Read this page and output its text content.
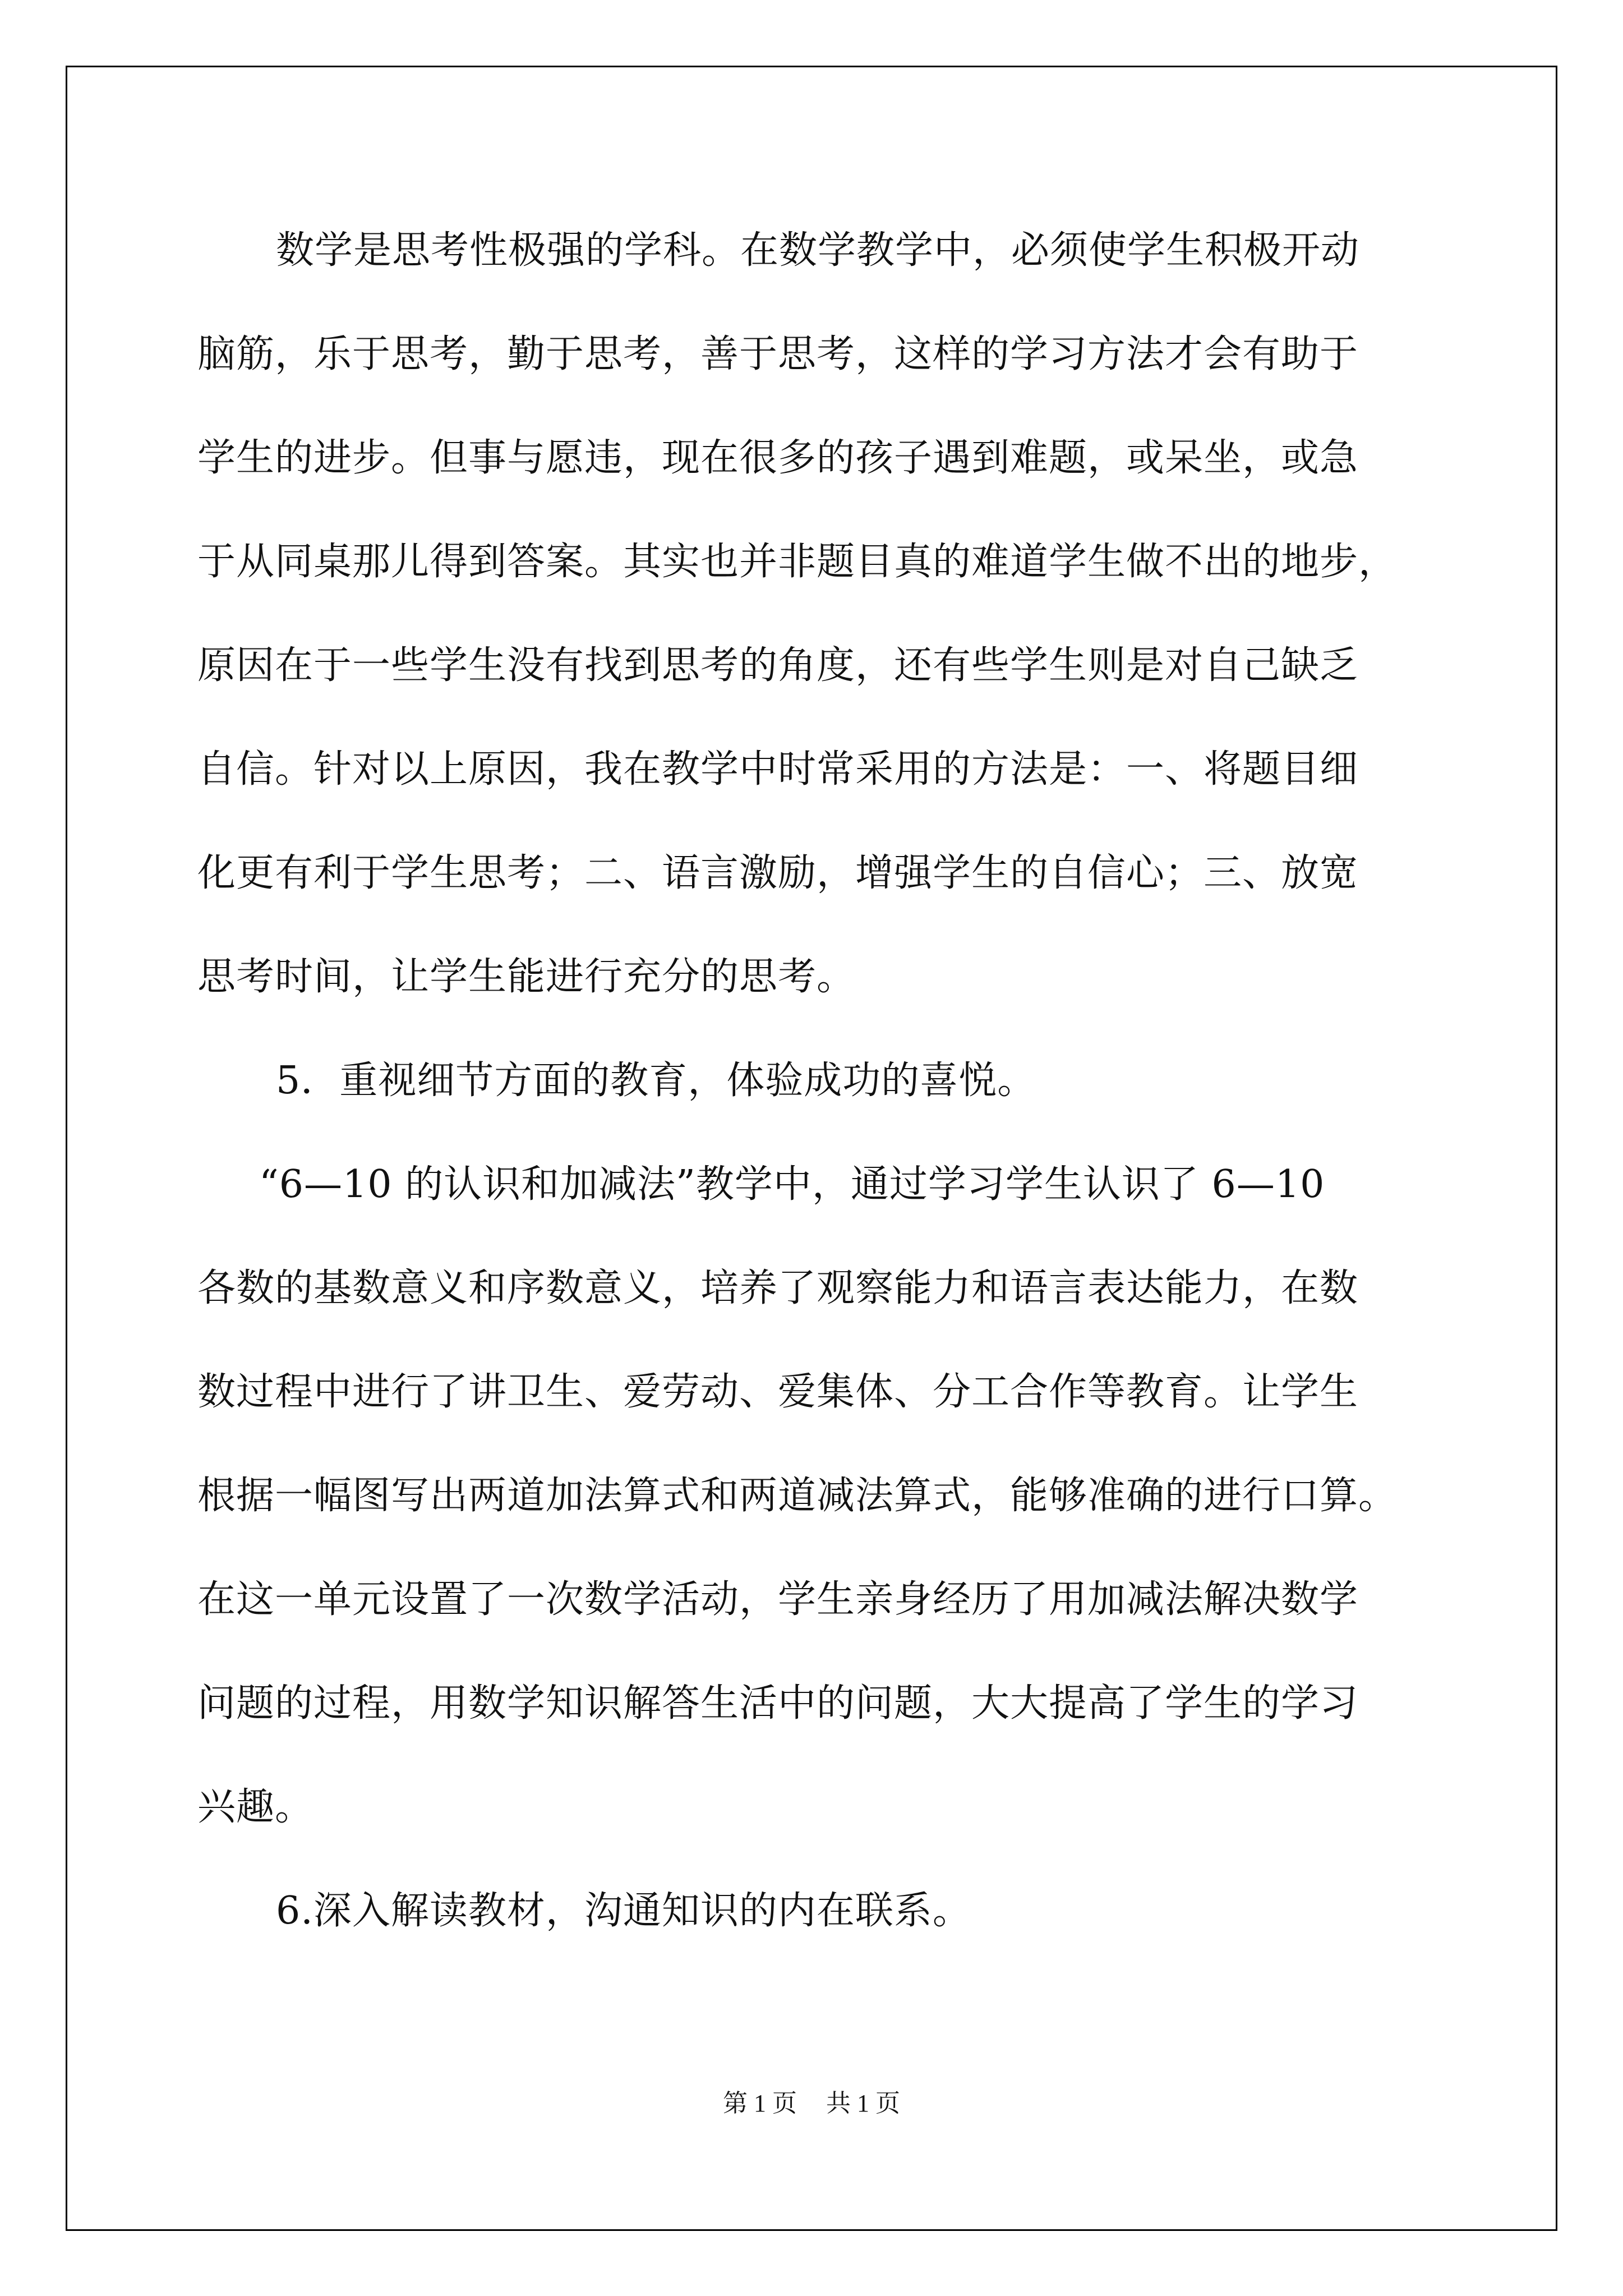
数学是思考性极强的学科。在数学教学中，必须使学生积极开动
脑筋，乐于思考，勤于思考，善于思考，这样的学习方法才会有助于
学生的进步。但事与愿违，现在很多的孩子遇到难题，或呆坐，或急
于从同桌那儿得到答案。其实也并非题目真的难道学生做不出的地步，
原因在于一些学生没有找到思考的角度，还有些学生则是对自己缺乏
自信。针对以上原因，我在教学中时常采用的方法是：一、将题目细
化更有利于学生思考；二、语言激励，增强学生的自信心；三、放宽
思考时间，让学生能进行充分的思考。
5．重视细节方面的教育，体验成功的喜悦。
“6—10 的认识和加减法”教学中，通过学习学生认识了 6—10
各数的基数意义和序数意义，培养了观察能力和语言表达能力，在数
数过程中进行了讲卫生、爱劳动、爱集体、分工合作等教育。让学生
根据一幅图写出两道加法算式和两道减法算式，能够准确的进行口算。
在这一单元设置了一次数学活动，学生亲身经历了用加减法解决数学
问题的过程，用数学知识解答生活中的问题，大大提高了学生的学习
兴趣。
6.深入解读教材，沟通知识的内在联系。
第 1 页 共 1 页
